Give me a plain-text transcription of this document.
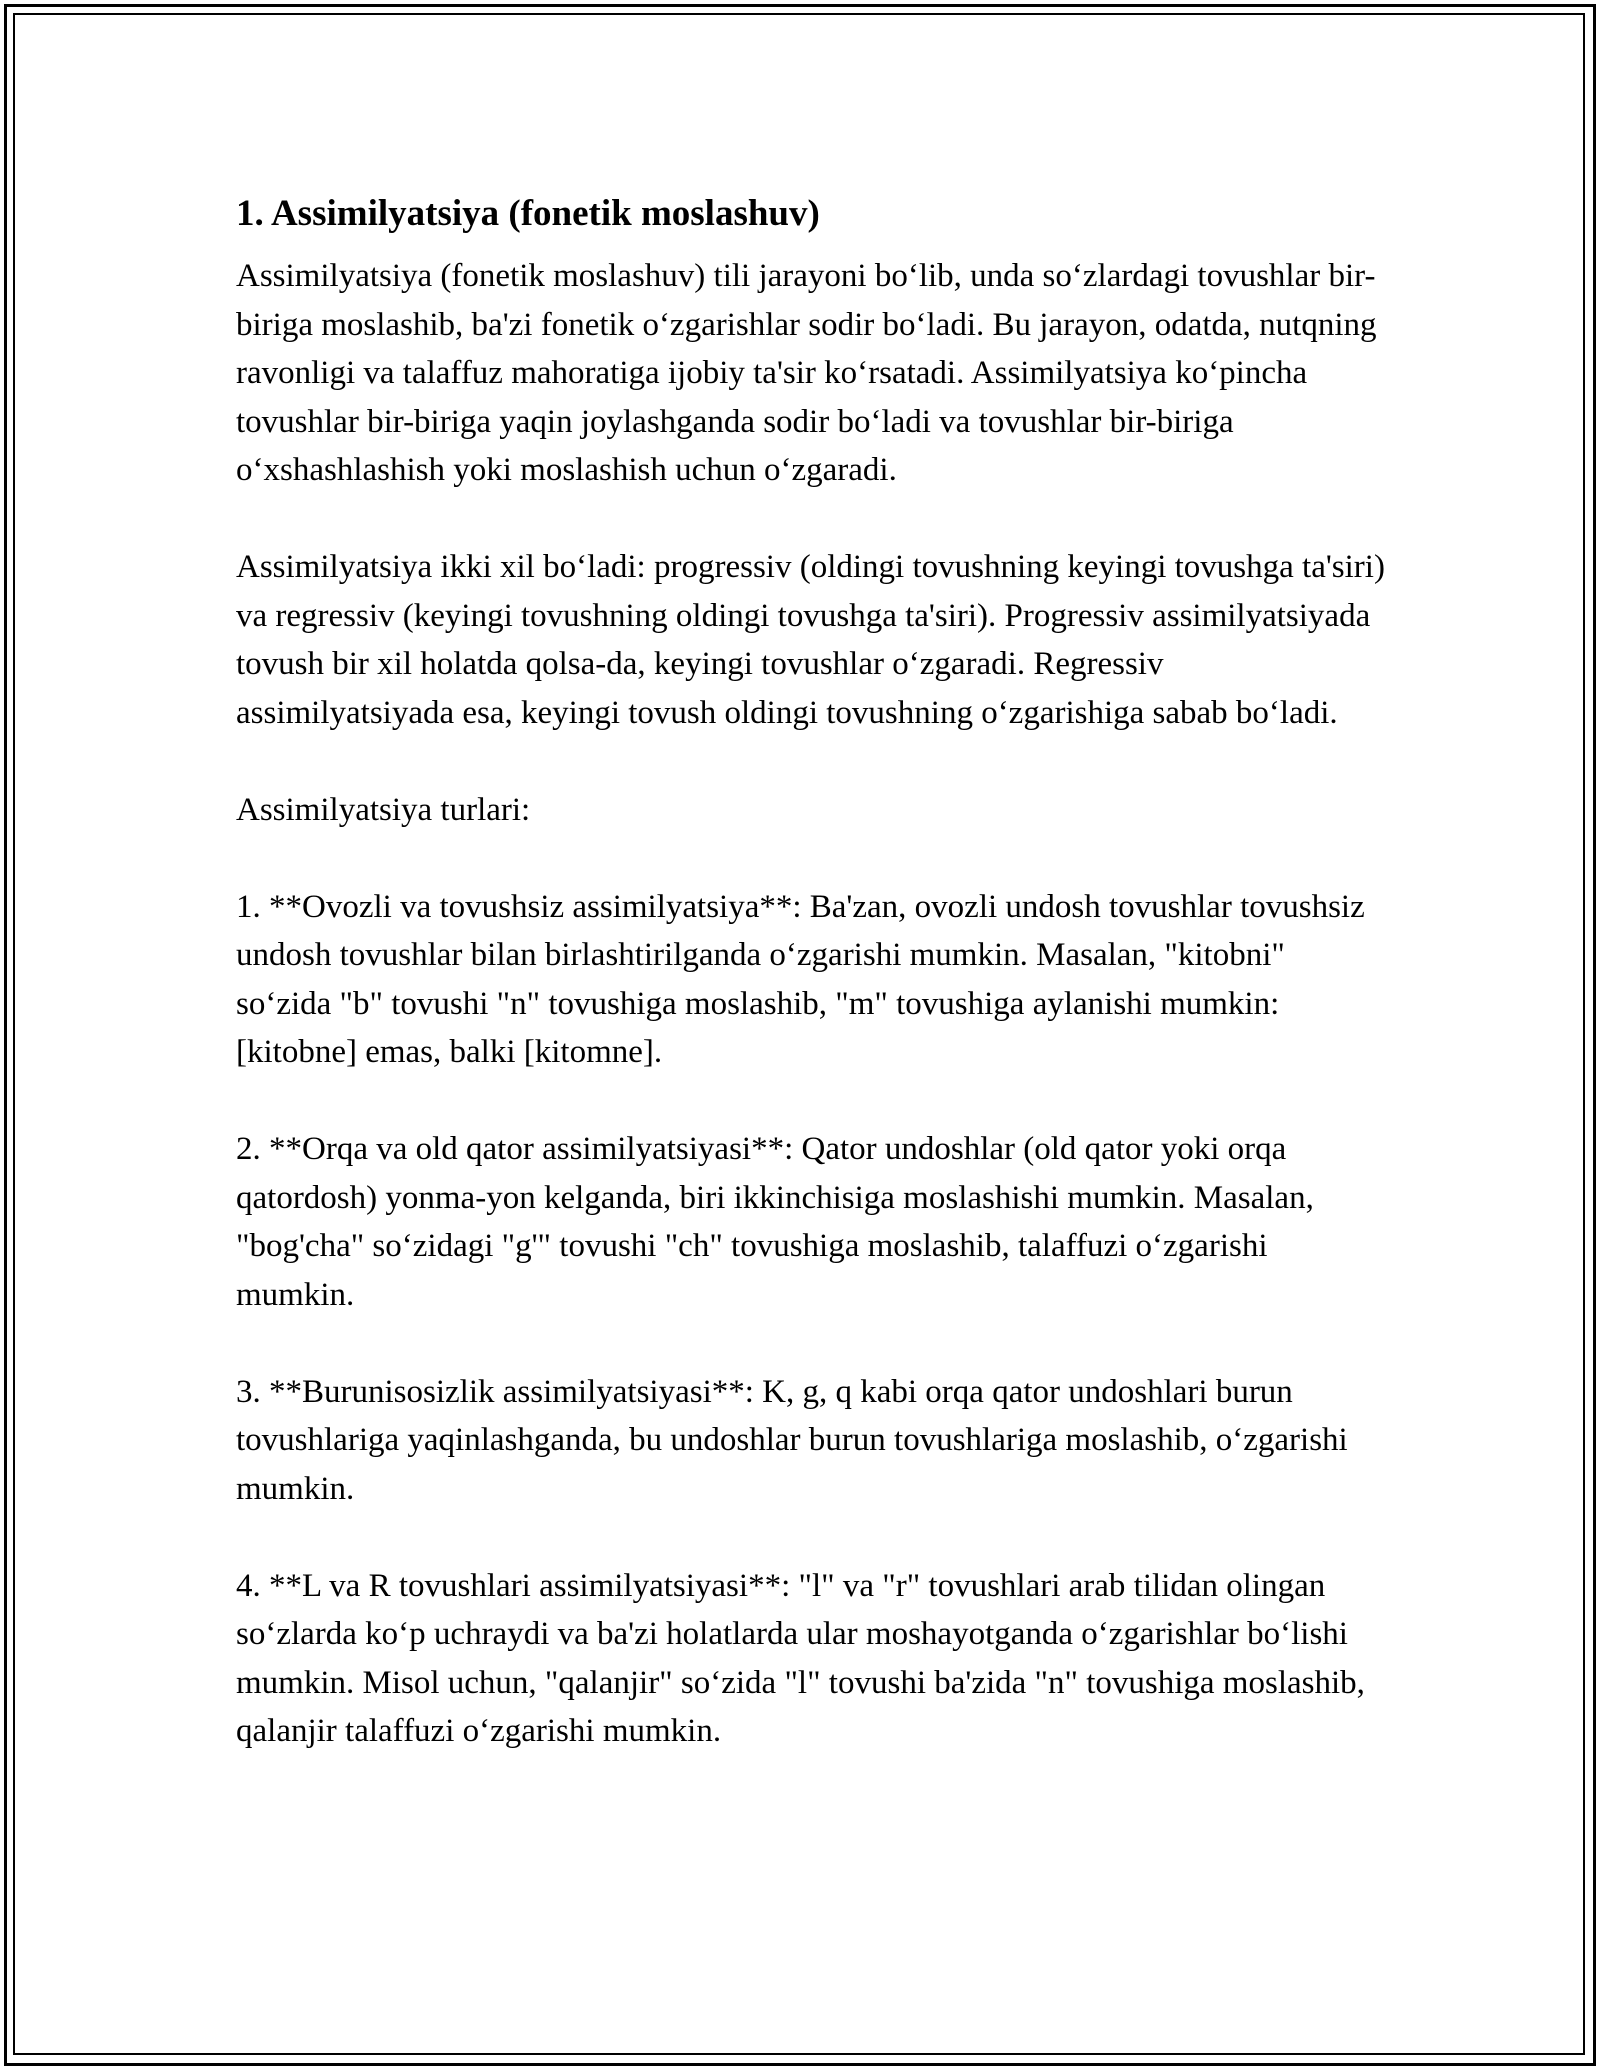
1. Assimilyatsiya (fonetik moslashuv)

Assimilyatsiya (fonetik moslashuv) tili jarayoni bo‘lib, unda so‘zlardagi tovushlar bir-biriga moslashib, ba'zi fonetik o‘zgarishlar sodir bo‘ladi. Bu jarayon, odatda, nutqning ravonligi va talaffuz mahoratiga ijobiy ta'sir ko‘rsatadi. Assimilyatsiya ko‘pincha tovushlar bir-biriga yaqin joylashganda sodir bo‘ladi va tovushlar bir-biriga o‘xshashlashish yoki moslashish uchun o‘zgaradi.

Assimilyatsiya ikki xil bo‘ladi: progressiv (oldingi tovushning keyingi tovushga ta'siri) va regressiv (keyingi tovushning oldingi tovushga ta'siri). Progressiv assimilyatsiyada tovush bir xil holatda qolsa-da, keyingi tovushlar o‘zgaradi. Regressiv assimilyatsiyada esa, keyingi tovush oldingi tovushning o‘zgarishiga sabab bo‘ladi.

Assimilyatsiya turlari:

1. **Ovozli va tovushsiz assimilyatsiya**: Ba'zan, ovozli undosh tovushlar tovushsiz undosh tovushlar bilan birlashtirilganda o‘zgarishi mumkin. Masalan, "kitobni" so‘zida "b" tovushi "n" tovushiga moslashib, "m" tovushiga aylanishi mumkin: [kitobne] emas, balki [kitomne].

2. **Orqa va old qator assimilyatsiyasi**: Qator undoshlar (old qator yoki orqa qatordosh) yonma-yon kelganda, biri ikkinchisiga moslashishi mumkin. Masalan, "bog'cha" so‘zidagi "g'" tovushi "ch" tovushiga moslashib, talaffuzi o‘zgarishi mumkin.

3. **Burunisosizlik assimilyatsiyasi**: K, g, q kabi orqa qator undoshlari burun tovushlariga yaqinlashganda, bu undoshlar burun tovushlariga moslashib, o‘zgarishi mumkin.

4. **L va R tovushlari assimilyatsiyasi**: "l" va "r" tovushlari arab tilidan olingan so‘zlarda ko‘p uchraydi va ba'zi holatlarda ular moshayotganda o‘zgarishlar bo‘lishi mumkin. Misol uchun, "qalanjir" so‘zida "l" tovushi ba'zida "n" tovushiga moslashib, qalanjir talaffuzi o‘zgarishi mumkin.
